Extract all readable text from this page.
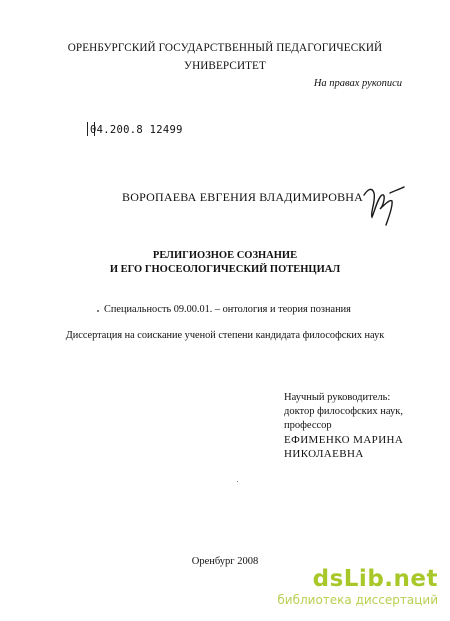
ОРЕНБУРГСКИЙ ГОСУДАРСТВЕННЫЙ ПЕДАГОГИЧЕСКИЙ
УНИВЕРСИТЕТ
На правах рукописи
04.200.8 12499
ВОРОПАЕВА ЕВГЕНИЯ ВЛАДИМИРОВНА
РЕЛИГИОЗНОЕ СОЗНАНИЕ
И ЕГО ГНОСЕОЛОГИЧЕСКИЙ ПОТЕНЦИАЛ
Специальность 09.00.01. – онтология и теория познания
Диссертация на соискание ученой степени кандидата философских наук
Научный руководитель:
доктор философских наук,
профессор
ЕФИМЕНКО МАРИНА
НИКОЛАЕВНА
Оренбург 2008
dsLib.net
библиотека диссертаций
